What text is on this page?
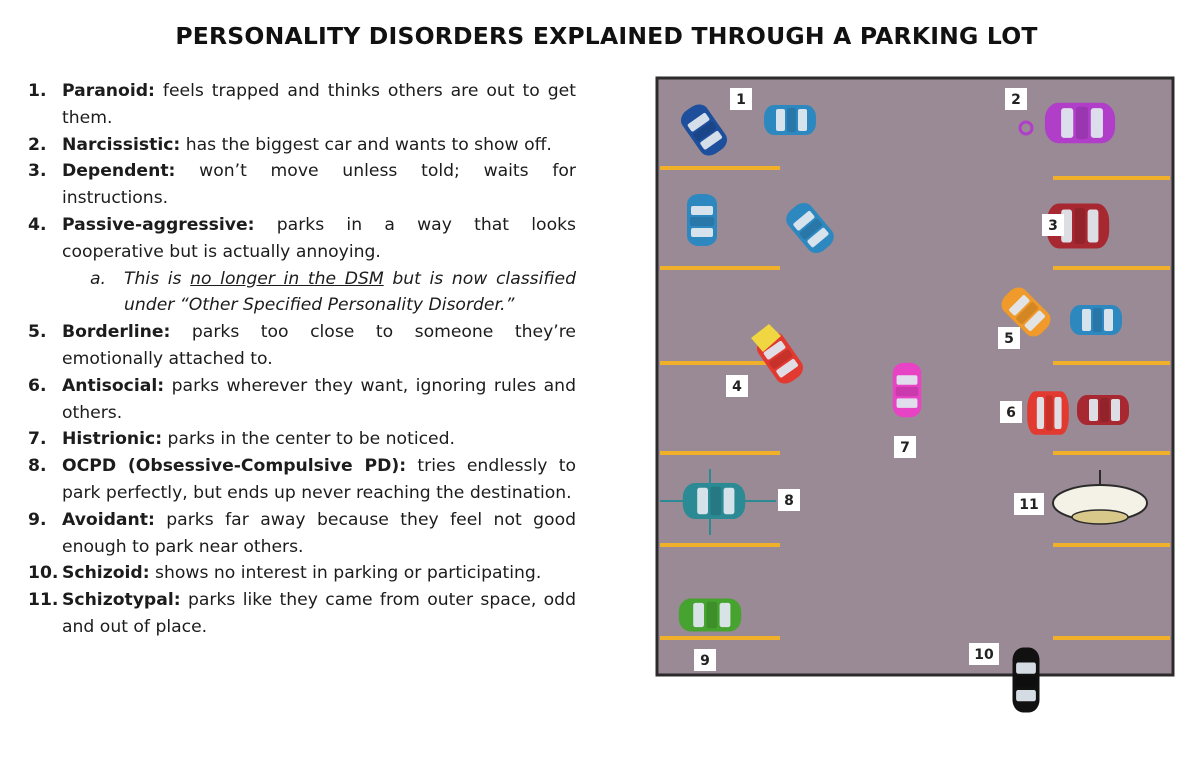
PERSONALITY DISORDERS EXPLAINED THROUGH A PARKING LOT
1. Paranoid: feels trapped and thinks others are out to get them.
2. Narcissistic: has the biggest car and wants to show off.
3. Dependent: won’t move unless told; waits for instructions.
4. Passive-aggressive: parks in a way that looks cooperative but is actually annoying.
a. This is no longer in the DSM but is now classified under “Other Specified Personality Disorder.”
5. Borderline: parks too close to someone they’re emotionally attached to.
6. Antisocial: parks wherever they want, ignoring rules and others.
7. Histrionic: parks in the center to be noticed.
8. OCPD (Obsessive-Compulsive PD): tries endlessly to park perfectly, but ends up never reaching the destination.
9. Avoidant: parks far away because they feel not good enough to park near others.
10. Schizoid: shows no interest in parking or participating.
11. Schizotypal: parks like they came from outer space, odd and out of place.
1	2
3
4
5
6
7
8
9	10
11
